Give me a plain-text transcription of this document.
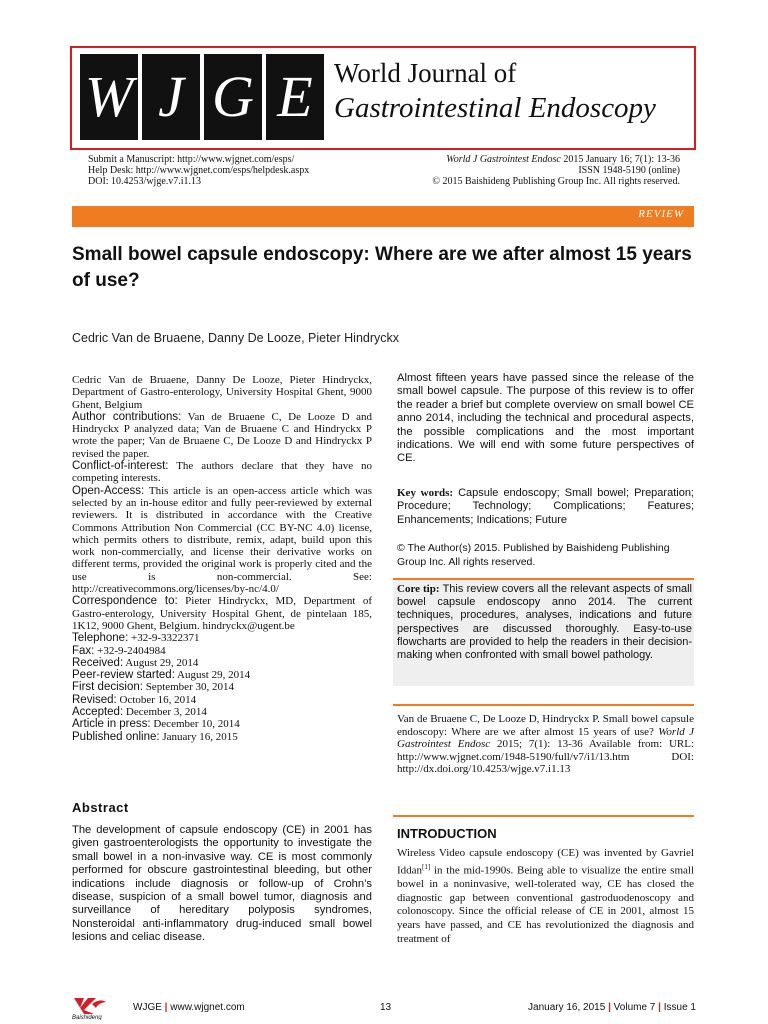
W J G E World Journal of
Gastrointestinal Endoscopy
Submit a Manuscript: http://www.wjgnet.com/esps/
Help Desk: http://www.wjgnet.com/esps/helpdesk.aspx
DOI: 10.4253/wjge.v7.i1.13
World J Gastrointest Endosc 2015 January 16; 7(1): 13-36
ISSN 1948-5190 (online)
© 2015 Baishideng Publishing Group Inc. All rights reserved.
REVIEW
Small bowel capsule endoscopy: Where are we after almost 15 years of use?
Cedric Van de Bruaene, Danny De Looze, Pieter Hindryckx

Cedric Van de Bruaene, Danny De Looze, Pieter Hindryckx, Department of Gastro-enterology, University Hospital Ghent, 9000 Ghent, Belgium

Author contributions: Van de Bruaene C, De Looze D and Hindryckx P analyzed data; Van de Bruaene C and Hindryckx P wrote the paper; Van de Bruaene C, De Looze D and Hindryckx P revised the paper.

Conflict-of-interest: The authors declare that they have no competing interests.

Open-Access: This article is an open-access article which was selected by an in-house editor and fully peer-reviewed by external reviewers. It is distributed in accordance with the Creative Commons Attribution Non Commercial (CC BY-NC 4.0) license, which permits others to distribute, remix, adapt, build upon this work non-commercially, and license their derivative works on different terms, provided the original work is properly cited and the use is non-commercial. See: http://creativecommons.org/licenses/by-nc/4.0/

Correspondence to: Pieter Hindryckx, MD, Department of Gastro-enterology, University Hospital Ghent, de pintelaan 185, 1K12, 9000 Ghent, Belgium. hindryckx@ugent.be

Telephone: +32-9-3322371

Fax: +32-9-2404984

Received: August 29, 2014

Peer-review started: August 29, 2014

First decision: September 30, 2014

Revised: October 16, 2014

Accepted: December 3, 2014

Article in press: December 10, 2014

Published online: January 16, 2015

Abstract
The development of capsule endoscopy (CE) in 2001 has given gastroenterologists the opportunity to investigate the small bowel in a non-invasive way. CE is most commonly performed for obscure gastrointestinal bleeding, but other indications include diagnosis or follow-up of Crohn’s disease, suspicion of a small bowel tumor, diagnosis and surveillance of hereditary polyposis syndromes, Nonsteroidal anti-inflammatory drug-induced small bowel lesions and celiac disease.
Almost fifteen years have passed since the release of the small bowel capsule. The purpose of this review is to offer the reader a brief but complete overview on small bowel CE anno 2014, including the technical and procedural aspects, the possible complications and the most important indications. We will end with some future perspectives of CE.
Key words: Capsule endoscopy; Small bowel; Preparation; Procedure; Technology; Complications; Features; Enhancements; Indications; Future
© The Author(s) 2015. Published by Baishideng Publishing Group Inc. All rights reserved.
Core tip: This review covers all the relevant aspects of small bowel capsule endoscopy anno 2014. The current techniques, procedures, analyses, indications and future perspectives are discussed thoroughly. Easy-to-use flowcharts are provided to help the readers in their decision-making when confronted with small bowel pathology.
Van de Bruaene C, De Looze D, Hindryckx P. Small bowel capsule endoscopy: Where are we after almost 15 years of use? World J Gastrointest Endosc 2015; 7(1): 13-36 Available from: URL: http://www.wjgnet.com/1948-5190/full/v7/i1/13.htm DOI: http://dx.doi.org/10.4253/wjge.v7.i1.13
INTRODUCTION
Wireless Video capsule endoscopy (CE) was invented by Gavriel Iddan[1] in the mid-1990s. Being able to visualize the entire small bowel in a noninvasive, well-tolerated way, CE has closed the diagnostic gap between conventional gastroduodenoscopy and colonoscopy. Since the official release of CE in 2001, almost 15 years have passed, and CE has revolutionized the diagnosis and treatment of
Baishideng
WJGE | www.wjgnet.com	13	January 16, 2015 | Volume 7 | Issue 1
